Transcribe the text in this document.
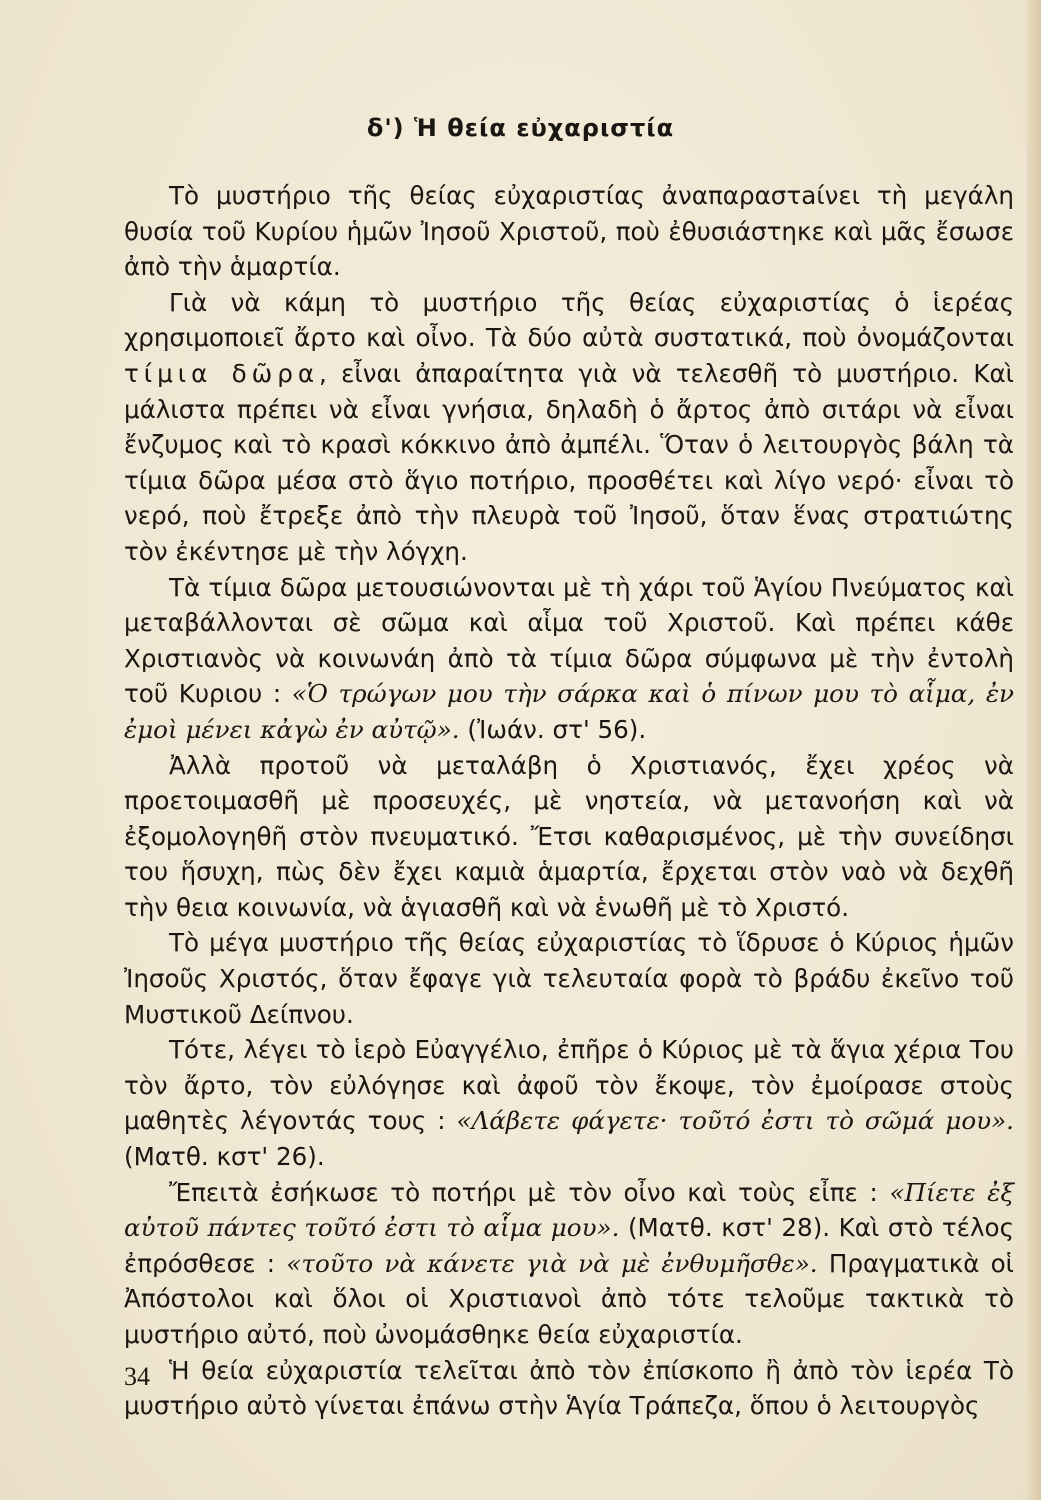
δ') Ἡ θεία εὐχαριστία

Τὸ μυστήριο τῆς θείας εὐχαριστίας ἀναπαραστaίνει τὴ μεγάλη θυσία τοῦ Κυρίου ἡμῶν Ἰησοῦ Χριστοῦ, ποὺ ἐθυσιάστηκε καὶ μᾶς ἔσωσε ἀπὸ τὴν ἁμαρτία.

Γιὰ νὰ κάμη τὸ μυστήριο τῆς θείας εὐχαριστίας ὁ ἱερέας χρησιμοποιεῖ ἄρτο καὶ οἶνο. Τὰ δύο αὐτὰ συστατικά, ποὺ ὀνομάζονται τίμια δῶρα, εἶναι ἀπαραίτητα γιὰ νὰ τελεσθῆ τὸ μυστήριο. Καὶ μάλιστα πρέπει νὰ εἶναι γνήσια, δηλαδὴ ὁ ἄρτος ἀπὸ σιτάρι νὰ εἶναι ἔνζυμος καὶ τὸ κρασὶ κόκκινο ἀπὸ ἀμπέλι. Ὅταν ὁ λειτουργὸς βάλη τὰ τίμια δῶρα μέσα στὸ ἅγιο ποτήριο, προσθέτει καὶ λίγο νερό· εἶναι τὸ νερό, ποὺ ἔτρεξε ἀπὸ τὴν πλευρὰ τοῦ Ἰησοῦ, ὅταν ἕνας στρατιώτης τὸν ἐκέντησε μὲ τὴν λόγχη.

Τὰ τίμια δῶρα μετουσιώνονται μὲ τὴ χάρι τοῦ Ἁγίου Πνεύματος καὶ μεταβάλλονται σὲ σῶμα καὶ αἷμα τοῦ Χριστοῦ. Καὶ πρέπει κάθε Χριστιανὸς νὰ κοινωνάη ἀπὸ τὰ τίμια δῶρα σύμφωνα μὲ τὴν ἐντολὴ τοῦ Κυριου : «Ὁ τρώγων μου τὴν σάρκα καὶ ὁ πίνων μου τὸ αἷμα, ἐν ἐμοὶ μένει κἀγὼ ἐν αὐτῷ». (Ἰωάν. στ' 56).

Ἀλλὰ προτοῦ νὰ μεταλάβη ὁ Χριστιανός, ἔχει χρέος νὰ προετοιμασθῆ μὲ προσευχές, μὲ νηστεία, νὰ μετανοήση καὶ νὰ ἐξομολογηθῆ στὸν πνευματικό. Ἔτσι καθαρισμένος, μὲ τὴν συνείδησι του ἥσυχη, πὼς δὲν ἔχει καμιὰ ἁμαρτία, ἔρχεται στὸν ναὸ νὰ δεχθῆ τὴν θεια κοινωνία, νὰ ἁγιασθῆ καὶ νὰ ἑνωθῆ μὲ τὸ Χριστό.

Τὸ μέγα μυστήριο τῆς θείας εὐχαριστίας τὸ ἵδρυσε ὁ Κύριος ἡμῶν Ἰησοῦς Χριστός, ὅταν ἔφαγε γιὰ τελευταία φορὰ τὸ βράδυ ἐκεῖνο τοῦ Μυστικοῦ Δείπνου.

Τότε, λέγει τὸ ἱερὸ Εὐαγγέλιο, ἐπῆρε ὁ Κύριος μὲ τὰ ἅγια χέρια Του τὸν ἄρτο, τὸν εὐλόγησε καὶ ἀφοῦ τὸν ἔκοψε, τὸν ἐμοίρασε στοὺς μαθητὲς λέγοντάς τους : «Λάβετε φάγετε· τοῦτό ἐστι τὸ σῶμά μου». (Ματθ. κστ' 26).

Ἔπειτὰ ἐσήκωσε τὸ ποτήρι μὲ τὸν οἶνο καὶ τοὺς εἶπε : «Πίετε ἐξ αὐτοῦ πάντες τοῦτό ἐστι τὸ αἷμα μου». (Ματθ. κστ' 28). Καὶ στὸ τέλος ἐπρόσθεσε : «τοῦτο νὰ κάνετε γιὰ νὰ μὲ ἐνθυμῆσθε». Πραγματικὰ οἱ Ἀπόστολοι καὶ ὅλοι οἱ Χριστιανοὶ ἀπὸ τότε τελοῦμε τακτικὰ τὸ μυστήριο αὐτό, ποὺ ὠνομάσθηκε θεία εὐχαριστία.

Ἡ θεία εὐχαριστία τελεῖται ἀπὸ τὸν ἐπίσκοπο ἢ ἀπὸ τὸν ἱερέα Τὸ μυστήριο αὐτὸ γίνεται ἐπάνω στὴν Ἁγία Τράπεζα, ὅπου ὁ λειτουργὸς

34
